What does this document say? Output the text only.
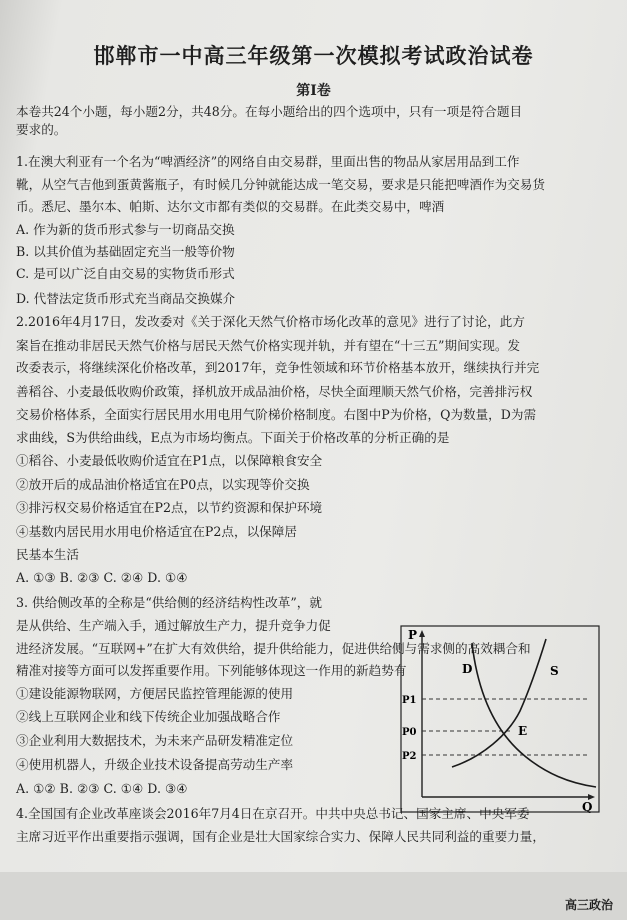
邯郸市一中高三年级第一次模拟考试政治试卷
第Ⅰ卷
本卷共24个小题，每小题2分，共48分。在每小题给出的四个选项中，只有一项是符合题目
要求的。
1.在澳大利亚有一个名为“啤酒经济”的网络自由交易群，里面出售的物品从家居用品到工作
靴，从空气吉他到蛋黄酱瓶子，有时候几分钟就能达成一笔交易，要求是只能把啤酒作为交易货
币。悉尼、墨尔本、帕斯、达尔文市都有类似的交易群。在此类交易中，啤酒
A. 作为新的货币形式参与一切商品交换
B. 以其价值为基础固定充当一般等价物
C. 是可以广泛自由交易的实物货币形式
D. 代替法定货币形式充当商品交换媒介
2.2016年4月17日，发改委对《关于深化天然气价格市场化改革的意见》进行了讨论，此方
案旨在推动非居民天然气价格与居民天然气价格实现并轨，并有望在“十三五”期间实现。发
改委表示，将继续深化价格改革，到2017年，竞争性领域和环节价格基本放开，继续执行并完
善稻谷、小麦最低收购价政策，择机放开成品油价格，尽快全面理顺天然气价格，完善排污权
交易价格体系，全面实行居民用水用电用气阶梯价格制度。右图中P为价格，Q为数量，D为需
求曲线，S为供给曲线，E点为市场均衡点。下面关于价格改革的分析正确的是
①稻谷、小麦最低收购价适宜在P1点，以保障粮食安全
②放开后的成品油价格适宜在P0点，以实现等价交换
③排污权交易价格适宜在P2点，以节约资源和保护环境
④基数内居民用水用电价格适宜在P2点，以保障居
民基本生活
A. ①③ B. ②③ C. ②④ D. ①④
3. 供给侧改革的全称是“供给侧的经济结构性改革”，就
是从供给、生产端入手，通过解放生产力，提升竞争力促
进经济发展。“互联网+”在扩大有效供给，提升供给能力，促进供给侧与需求侧的高效耦合和
精准对接等方面可以发挥重要作用。下列能够体现这一作用的新趋势有
①建设能源物联网，方便居民监控管理能源的使用
②线上互联网企业和线下传统企业加强战略合作
③企业利用大数据技术，为未来产品研发精准定位
④使用机器人，升级企业技术设备提高劳动生产率
A. ①② B. ②③ C. ①④ D. ③④
4.全国国有企业改革座谈会2016年7月4日在京召开。中共中央总书记、国家主席、中央军委
主席习近平作出重要指示强调，国有企业是壮大国家综合实力、保障人民共同利益的重要力量，
P
Q
P1
P0
P2
D	S
E
高三政治
